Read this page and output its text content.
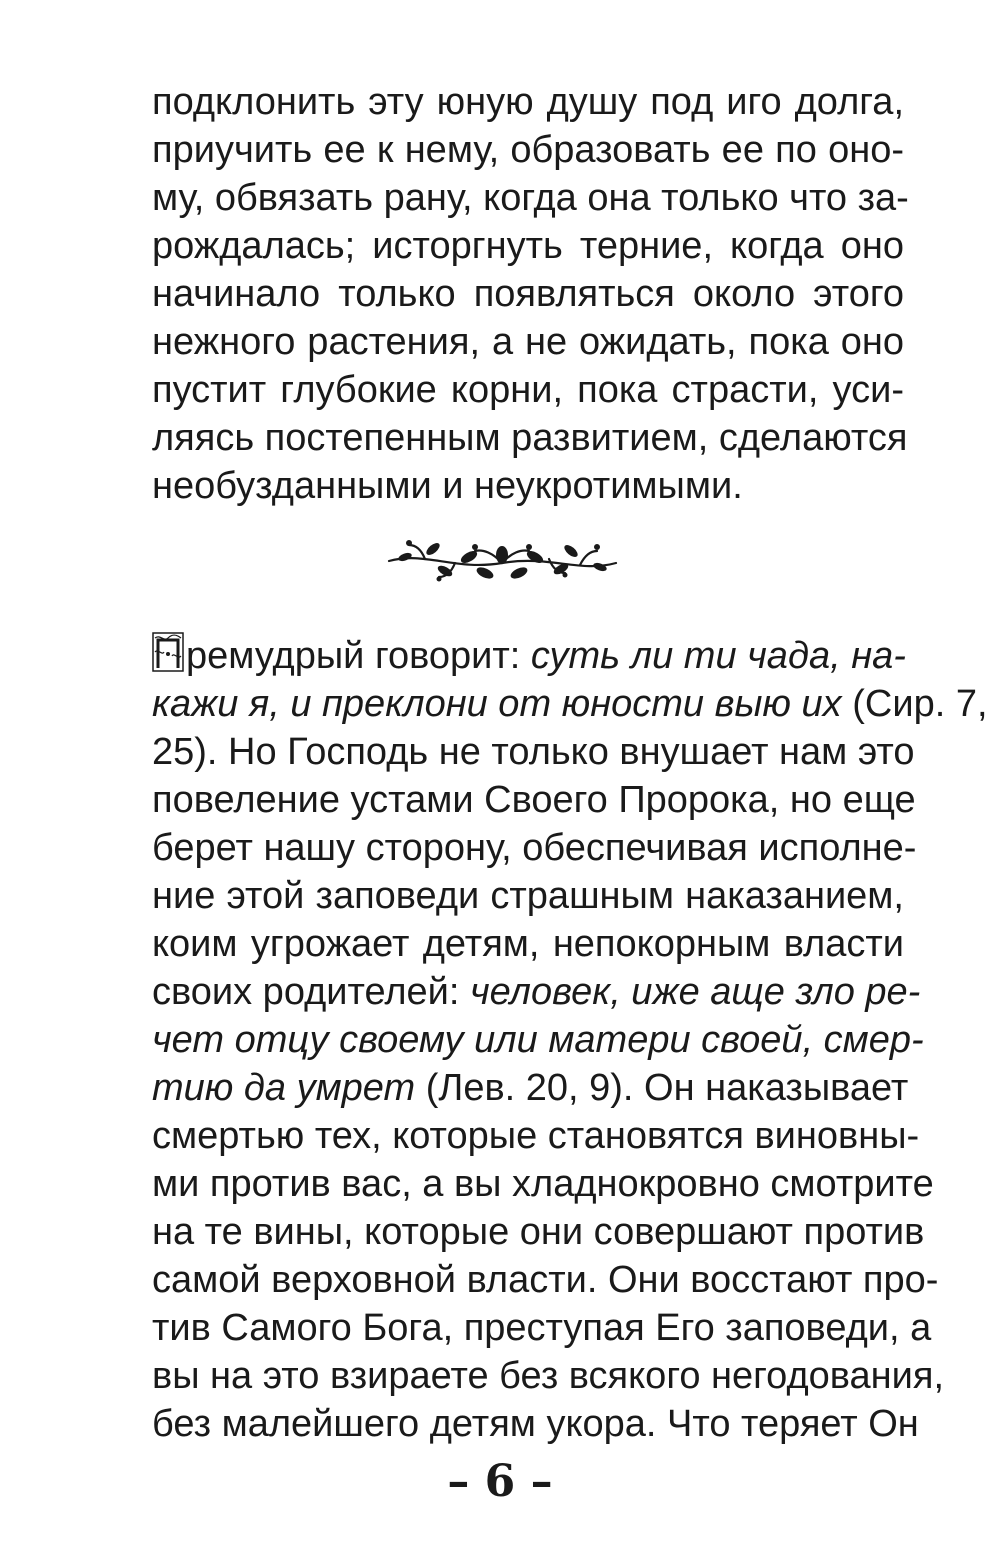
подклонить эту юную душу под иго долга,
приучить ее к нему, образовать ее по оно-
му, обвязать рану, когда она только что за-
рождалась; исторгнуть терние, когда оно
начинало только появляться около этого
нежного растения, а не ожидать, пока оно
пустит глубокие корни, пока страсти, уси-
ляясь постепенным развитием, сделаются
необузданными и неукротимыми.
ремудрый говорит: суть ли ти чада, на-
кажи я, и преклони от юности выю их (Сир. 7,
25). Но Господь не только внушает нам это
повеление устами Своего Пророка, но еще
берет нашу сторону, обеспечивая исполне-
ние этой заповеди страшным наказанием,
коим угрожает детям, непокорным власти
своих родителей: человек, иже аще зло ре-
чет отцу своему или матери своей, смер-
тию да умрет (Лев. 20, 9). Он наказывает
смертью тех, которые становятся виновны-
ми против вас, а вы хладнокровно смотрите
на те вины, которые они совершают против
самой верховной власти. Они восстают про-
тив Самого Бога, преступая Его заповеди, а
вы на это взираете без всякого негодования,
без малейшего детям укора. Что теряет Он
– 6 –
